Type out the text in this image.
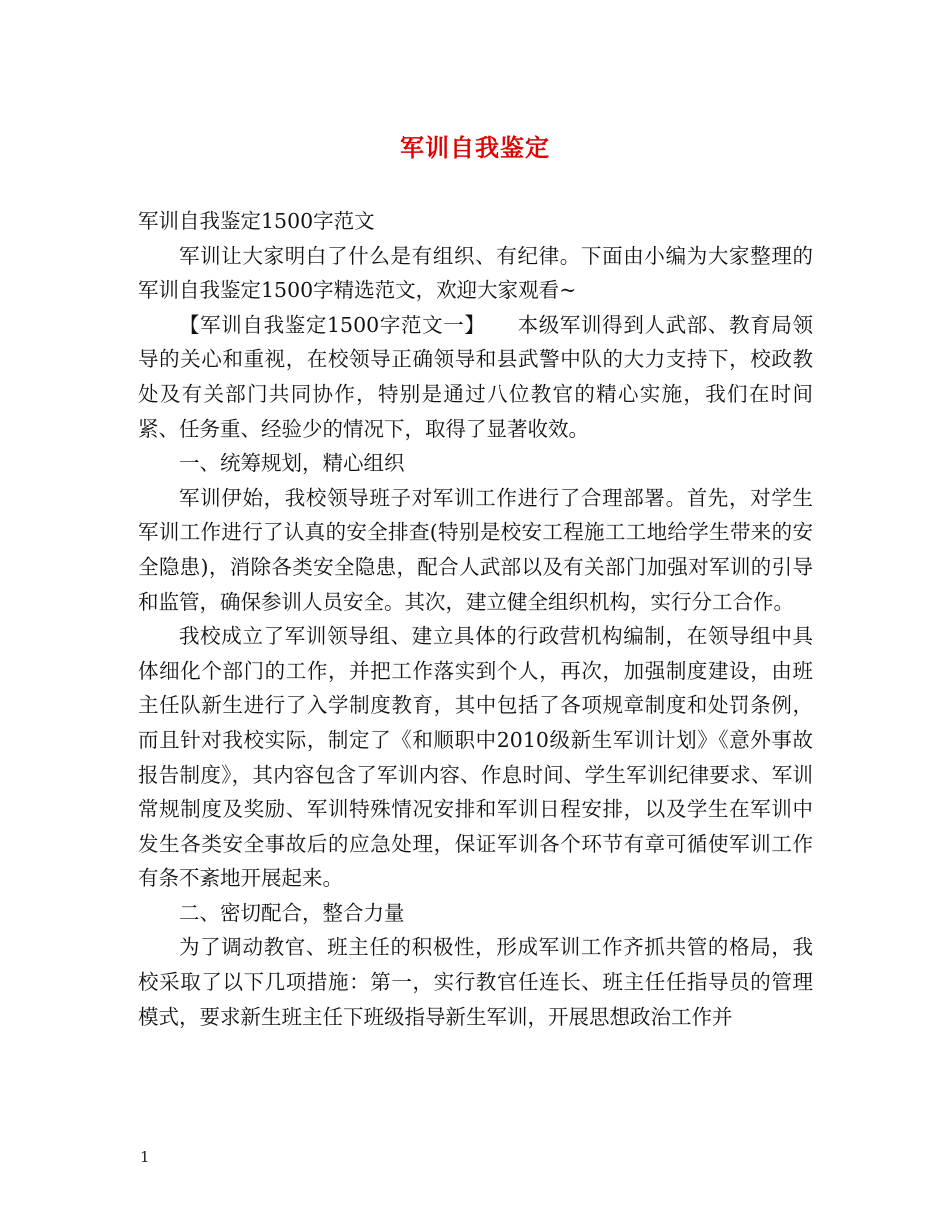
军训自我鉴定

军训自我鉴定1500字范文

军训让大家明白了什么是有组织、有纪律。下面由小编为大家整理的军训自我鉴定1500字精选范文，欢迎大家观看~

【军训自我鉴定1500字范文一】　　本级军训得到人武部、教育局领导的关心和重视，在校领导正确领导和县武警中队的大力支持下，校政教处及有关部门共同协作，特别是通过八位教官的精心实施，我们在时间紧、任务重、经验少的情况下，取得了显著收效。

一、统筹规划，精心组织

军训伊始，我校领导班子对军训工作进行了合理部署。首先，对学生军训工作进行了认真的安全排查(特别是校安工程施工工地给学生带来的安全隐患)，消除各类安全隐患，配合人武部以及有关部门加强对军训的引导和监管，确保参训人员安全。其次，建立健全组织机构，实行分工合作。

我校成立了军训领导组、建立具体的行政营机构编制，在领导组中具体细化个部门的工作，并把工作落实到个人，再次，加强制度建设，由班主任队新生进行了入学制度教育，其中包括了各项规章制度和处罚条例，而且针对我校实际，制定了《和顺职中2010级新生军训计划》《意外事故报告制度》，其内容包含了军训内容、作息时间、学生军训纪律要求、军训常规制度及奖励、军训特殊情况安排和军训日程安排，以及学生在军训中发生各类安全事故后的应急处理，保证军训各个环节有章可循使军训工作有条不紊地开展起来。

二、密切配合，整合力量

为了调动教官、班主任的积极性，形成军训工作齐抓共管的格局，我校采取了以下几项措施：第一，实行教官任连长、班主任任指导员的管理模式，要求新生班主任下班级指导新生军训，开展思想政治工作并

1
